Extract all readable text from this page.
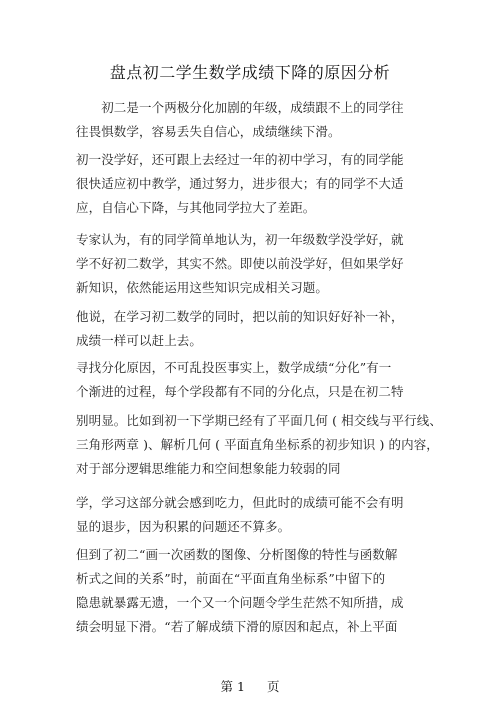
盘点初二学生数学成绩下降的原因分析
　　初二是一个两极分化加剧的年级，成绩跟不上的同学往
往畏惧数学，容易丢失自信心，成绩继续下滑。
初一没学好，还可跟上去经过一年的初中学习，有的同学能
很快适应初中教学，通过努力，进步很大；有的同学不大适
应，自信心下降，与其他同学拉大了差距。
专家认为，有的同学简单地认为，初一年级数学没学好，就
学不好初二数学，其实不然。即使以前没学好，但如果学好
新知识，依然能运用这些知识完成相关习题。
他说，在学习初二数学的同时，把以前的知识好好补一补，
成绩一样可以赶上去。
寻找分化原因，不可乱投医事实上，数学成绩“分化”有一
个渐进的过程，每个学段都有不同的分化点，只是在初二特
别明显。比如到初一下学期已经有了平面几何 ( 相交线与平行线、
三角形两章 )、解析几何 ( 平面直角坐标系的初步知识 ) 的内容，
对于部分逻辑思维能力和空间想象能力较弱的同
学，学习这部分就会感到吃力，但此时的成绩可能不会有明
显的退步，因为积累的问题还不算多。
但到了初二“画一次函数的图像、分析图像的特性与函数解
析式之间的关系”时，前面在“平面直角坐标系”中留下的
隐患就暴露无遗，一个又一个问题令学生茫然不知所措，成
绩会明显下滑。“若了解成绩下滑的原因和起点，补上平面
第 1 页
